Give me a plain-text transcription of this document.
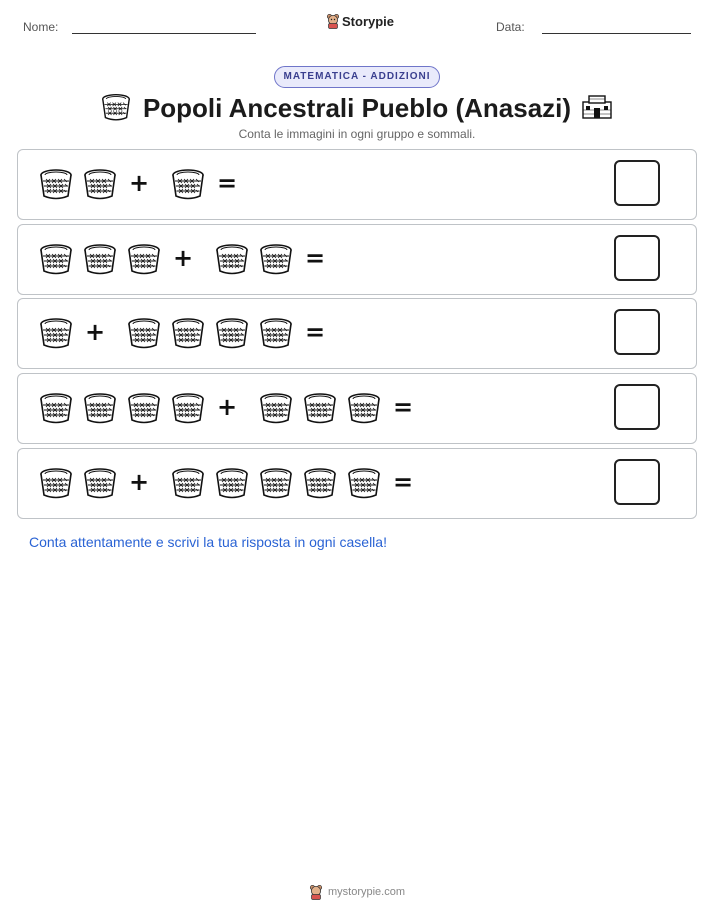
Nome:	Storypie	Data:
MATEMATICA - ADDIZIONI
Popoli Ancestrali Pueblo (Anasazi)
Conta le immagini in ogni gruppo e sommali.
+	=
+	=
+	=
+	=
+	=
Conta attentamente e scrivi la tua risposta in ogni casella!
mystorypie.com
